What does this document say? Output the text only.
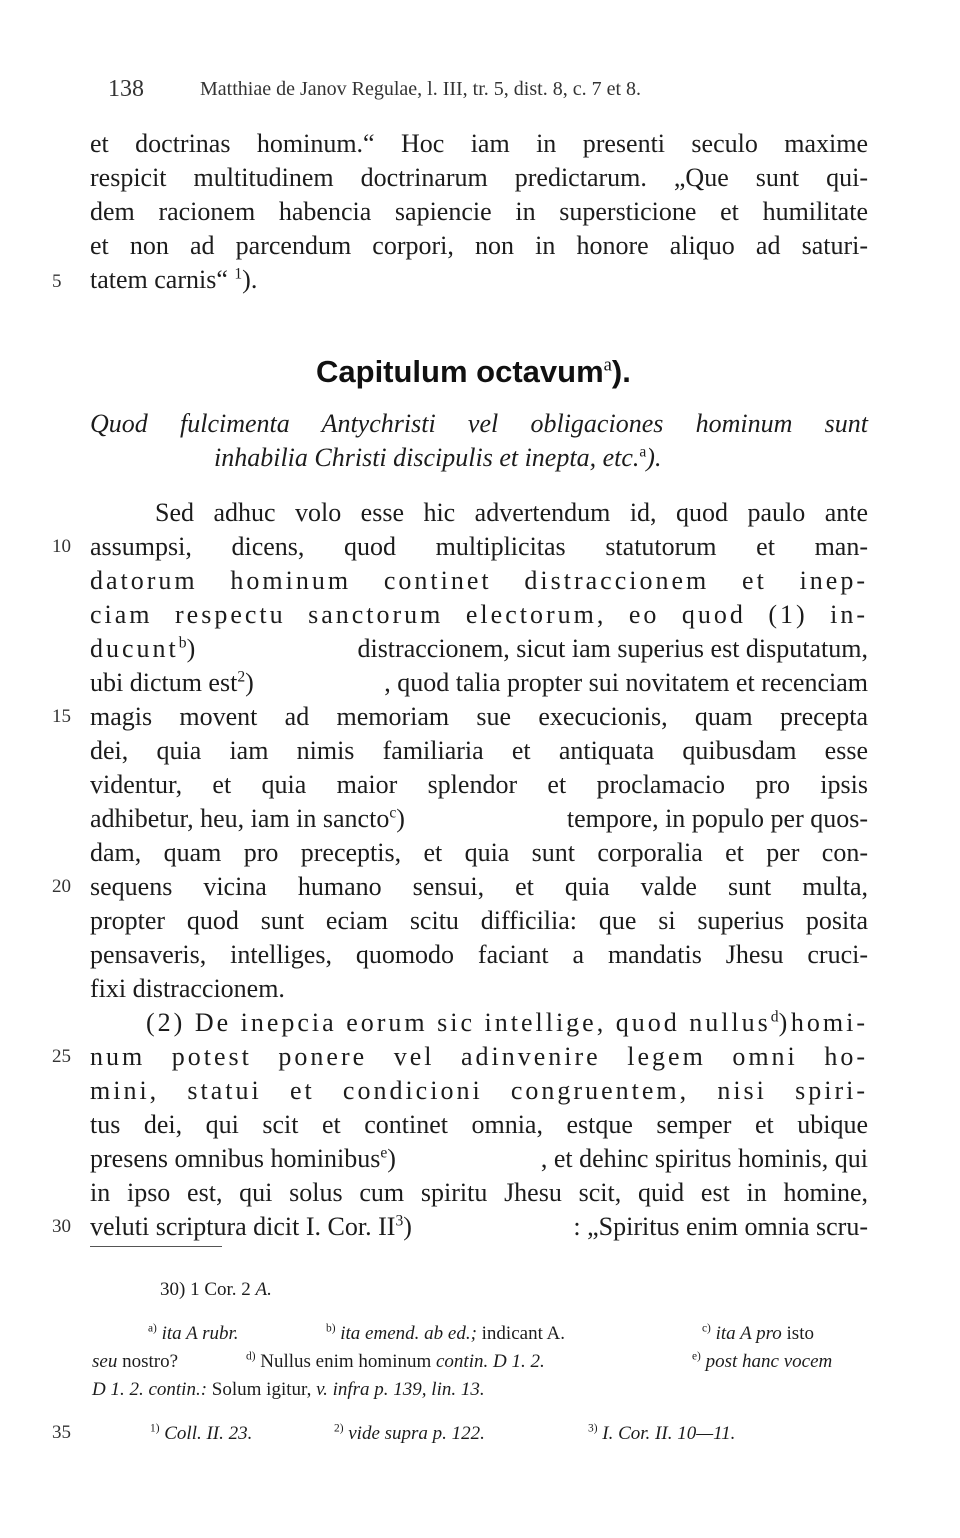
138	Matthiae de Janov Regulae, l. III, tr. 5, dist. 8, c. 7 et 8.
et doctrinas hominum.“ Hoc iam in presenti seculo maxime
respicit multitudinem doctrinarum predictarum. „Que sunt qui-
dem racionem habencia sapiencie in supersticione et humilitate
et non ad parcendum corpori, non in honore aliquo ad saturi-
5 tatem carnis“ $^1$).
Capitulum octavum$^a$).
Quod fulcimenta Antychristi vel obligaciones hominum sunt
inhabilia Christi discipulis et inepta, etc.$^a$).
Sed adhuc volo esse hic advertendum id, quod paulo ante
10 assumpsi, dicens, quod multiplicitas statutorum et man-
datorum hominum continet distraccionem et inep-
ciam respectu sanctorum electorum, eo quod (1) in-
ducunt$^b$)	distraccionem, sicut iam superius est disputatum,
ubi dictum est$^2$)	, quod talia propter sui novitatem et recenciam
15 magis movent ad memoriam sue execucionis, quam precepta
dei, quia iam nimis familiaria et antiquata quibusdam esse
videntur, et quia maior splendor et proclamacio pro ipsis
adhibetur, heu, iam in sancto$^c$)	tempore, in populo per quos-
dam, quam pro preceptis, et quia sunt corporalia et per con-
20 sequens vicina humano sensui, et quia valde sunt multa,
propter quod sunt eciam scitu difficilia: que si superius posita
pensaveris, intelliges, quomodo faciant a mandatis Jhesu cruci-
fixi distraccionem.
(2) De inepcia eorum sic intellige, quod nullus$^d$) homi-
25 num potest ponere vel adinvenire legem omni ho-
mini, statui et condicioni congruentem, nisi spiri-
tus dei, qui scit et continet omnia, estque semper et ubique
presens omnibus hominibus$^e$)	, et dehinc spiritus hominis, qui
in ipso est, qui solus cum spiritu Jhesu scit, quid est in homine,
30 veluti scriptura dicit I. Cor. $II^3$)	: „Spiritus enim omnia scru-
30) 1 Cor. 2 A.
$^{a)}$ ita A rubr.	$^{b)}$ ita emend. ab ed.; indicant A.	$^{c)}$ ita A pro isto
seu nostro?	$^{d)}$ Nullus enim hominum contin. D 1. 2.	$^{e)}$ post hanc vocem
D 1. 2. contin.: Solum igitur, v. infra p. 139, lin. 13.
35	$^{1)}$ Coll. II. 23.	$^{2)}$ vide supra p. 122.	$^{3)}$ I. Cor. II. 10—11.
